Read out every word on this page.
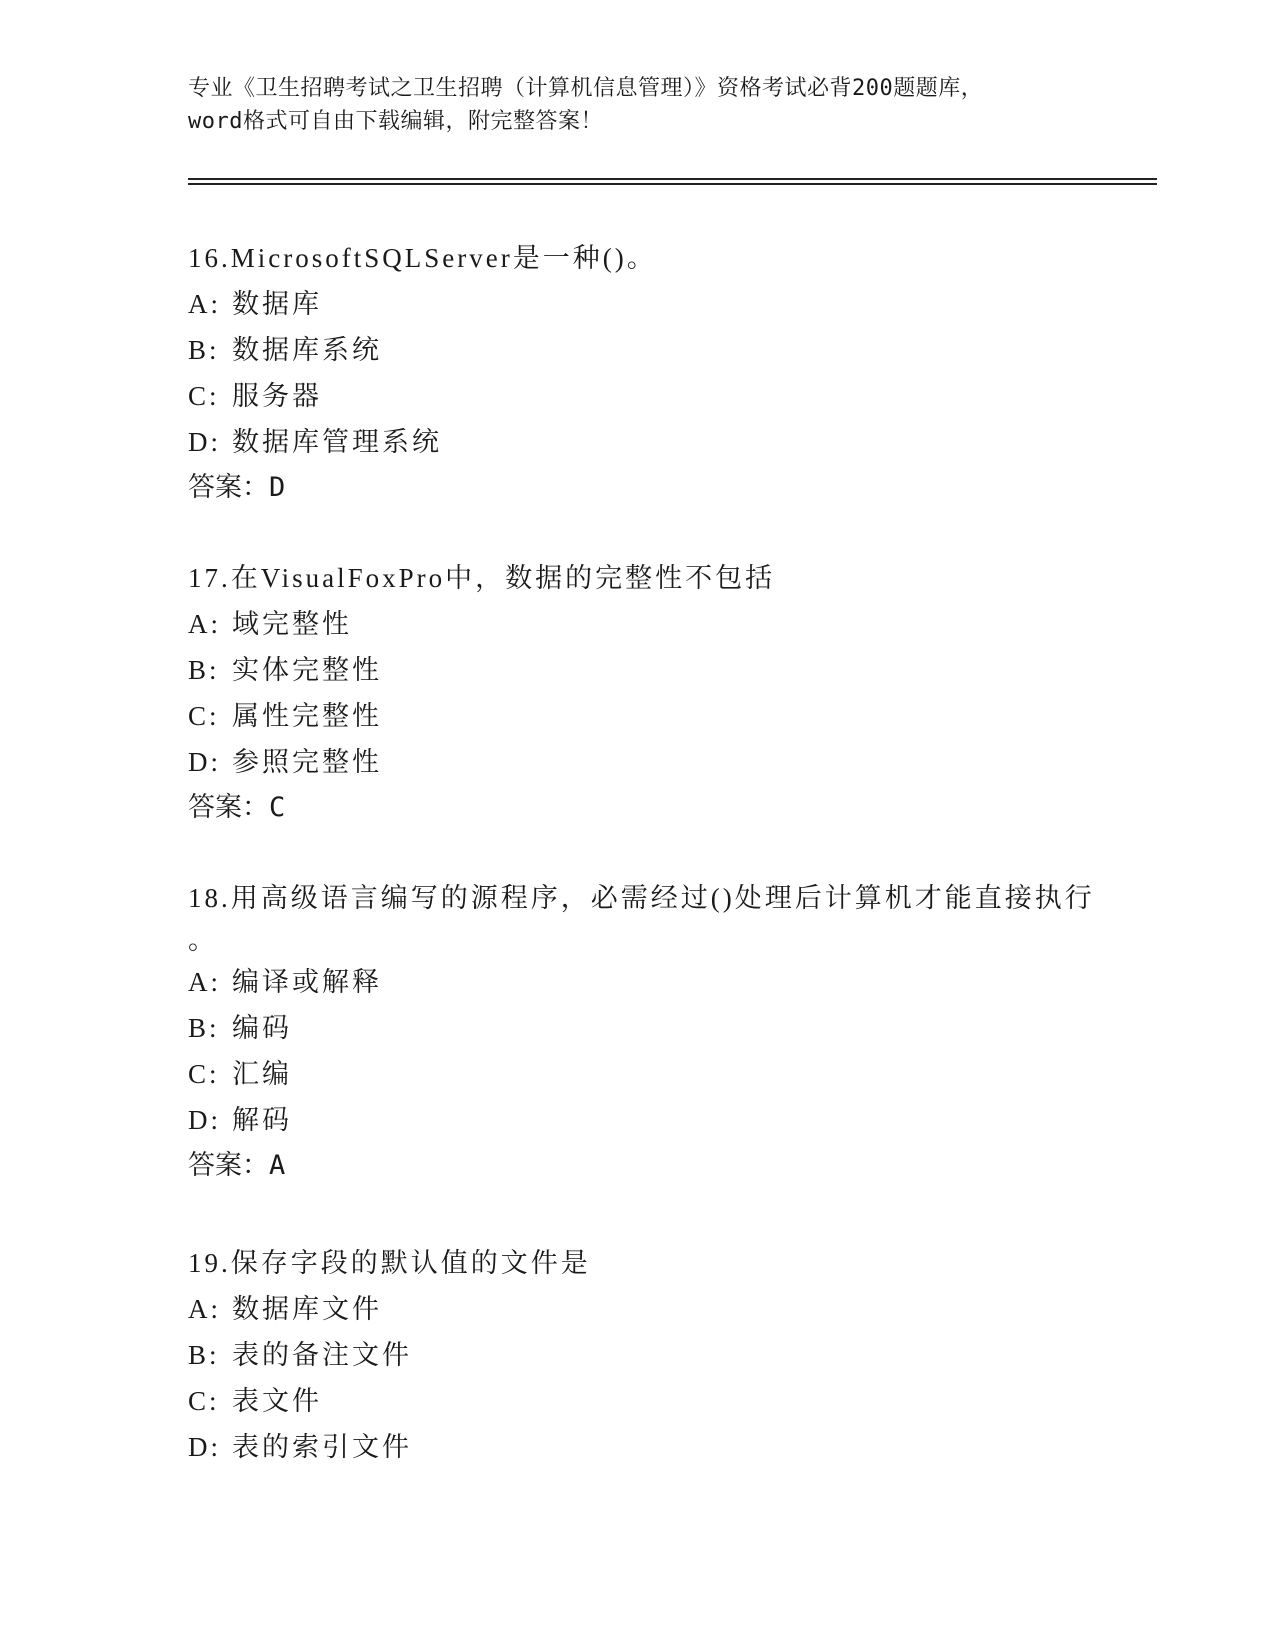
专业《卫生招聘考试之卫生招聘（计算机信息管理）》资格考试必背200题题库，
word格式可自由下载编辑，附完整答案！
16.MicrosoftSQLServer是一种()。
A: 数据库
B: 数据库系统
C: 服务器
D: 数据库管理系统
答案：D
17.在VisualFoxPro中，数据的完整性不包括
A: 域完整性
B: 实体完整性
C: 属性完整性
D: 参照完整性
答案：C
18.用高级语言编写的源程序，必需经过()处理后计算机才能直接执行
。
A: 编译或解释
B: 编码
C: 汇编
D: 解码
答案：A
19.保存字段的默认值的文件是
A: 数据库文件
B: 表的备注文件
C: 表文件
D: 表的索引文件
